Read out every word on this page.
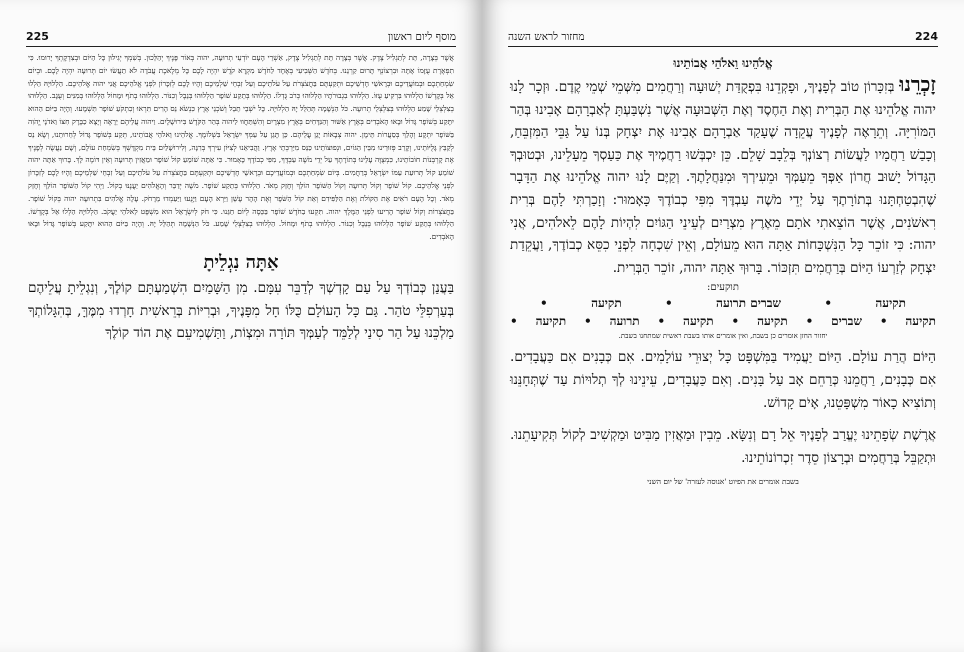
225	מוסף ליום ראשון

אֲשֶׁר בְּצָרָה, תֵּת לְתַגְלִיל צֶדֶק. אֲשֶׁר בְּצָרָה תֵּת לְתַגְלִיל צֶדֶק, אַשְׁרֵי הָעָם יוֹדְעֵי תְרוּעָה, יהוה בְּאוֹר פָּנֶיךָ יְהַלֵּכוּן. בְּשִׁמְךָ יְגִילוּן כָּל הַיּוֹם וּבְצִדְקָתְךָ יָרוּמוּ. כִּי תִפְאֶרֶת עֻזָּמוֹ אָתָּה וּבִרְצוֹנְךָ תָּרוּם קַרְנֵנוּ. בְּחֹדֶשׁ הַשְּׁבִיעִי בְּאֶחָד לַחֹדֶשׁ מִקְרָא קֹדֶשׁ יִהְיֶה לָכֶם כָּל מְלֶאכֶת עֲבֹדָה לֹא תַעֲשׂוּ יוֹם תְּרוּעָה יִהְיֶה לָכֶם. וּבְיוֹם שִׂמְחַתְכֶם וּבְמוֹעֲדֵיכֶם וּבְרָאשֵׁי חָדְשֵׁיכֶם וּתְקַעְתֶּם בַּחֲצֹצְרֹת עַל עֹלֹתֵיכֶם וְעַל זִבְחֵי שַׁלְמֵיכֶם וְהָיוּ לָכֶם לְזִכָּרוֹן לִפְנֵי אֱלֹהֵיכֶם אֲנִי יהוה אֱלֹהֵיכֶם. הַלְלוּיָהּ הַלְלוּ אֵל בְּקָדְשׁוֹ הַלְלוּהוּ בִּרְקִיעַ עֻזּוֹ. הַלְלוּהוּ בִגְבוּרֹתָיו הַלְלוּהוּ כְּרֹב גֻּדְלוֹ. הַלְלוּהוּ בְּתֵקַע שׁוֹפָר הַלְלוּהוּ בְּנֵבֶל וְכִנּוֹר. הַלְלוּהוּ בְתֹף וּמָחוֹל הַלְלוּהוּ בְּמִנִּים וְעֻגָב. הַלְלוּהוּ בְצִלְצְלֵי שָׁמַע הַלְלוּהוּ בְּצִלְצְלֵי תְרוּעָה. כֹּל הַנְּשָׁמָה תְּהַלֵּל יָהּ הַלְלוּיָהּ. כָּל יֹשְׁבֵי תֵבֵל וְשֹׁכְנֵי אָרֶץ כִּנְשֹׂא נֵס הָרִים תִּרְאוּ וְכִתְקֹעַ שׁוֹפָר תִּשְׁמָעוּ. וְהָיָה בַּיּוֹם הַהוּא יִתָּקַע בְּשׁוֹפָר גָּדוֹל וּבָאוּ הָאֹבְדִים בְּאֶרֶץ אַשּׁוּר וְהַנִּדָּחִים בְּאֶרֶץ מִצְרָיִם וְהִשְׁתַּחֲווּ לַיהוה בְּהַר הַקֹּדֶשׁ בִּירוּשָׁלָיִם. וַיהוה עֲלֵיהֶם יֵרָאֶה וְיָצָא כַבָּרָק חִצּוֹ וַאדֹנָי יֱהֹוִה בַּשּׁוֹפָר יִתְקָע וְהָלַךְ בְּסַעֲרוֹת תֵּימָן. יהוה צְבָאוֹת יָגֵן עֲלֵיהֶם. כֵּן תָּגֵן עַל עַמְּךָ יִשְׂרָאֵל בִּשְׁלוֹמֶךָ. אֱלֹהֵינוּ וֵאלֹהֵי אֲבוֹתֵינוּ, תְּקַע בְּשׁוֹפָר גָּדוֹל לְחֵרוּתֵנוּ, וְשָׂא נֵס לְקַבֵּץ גָּלֻיּוֹתֵינוּ, וְקָרֵב פְּזוּרֵינוּ מִבֵּין הַגּוֹיִם, וּנְפוּצוֹתֵינוּ כַּנֵּס מִיַּרְכְּתֵי אָרֶץ. וַהֲבִיאֵנוּ לְצִיּוֹן עִירְךָ בְּרִנָּה, וְלִירוּשָׁלַיִם בֵּית מִקְדָּשְׁךָ בְּשִׂמְחַת עוֹלָם, וְשָׁם נַעֲשֶׂה לְפָנֶיךָ אֶת קָרְבְּנוֹת חוֹבוֹתֵינוּ, כִּמְצֻוֶּה עָלֵינוּ בְּתוֹרָתֶךָ עַל יְדֵי מֹשֶׁה עַבְדֶּךָ, מִפִּי כְבוֹדֶךָ כָּאָמוּר. כִּי אַתָּה שׁוֹמֵעַ קוֹל שׁוֹפָר וּמַאֲזִין תְּרוּעָה וְאֵין דּוֹמֶה לָּךְ. בָּרוּךְ אַתָּה יהוה שׁוֹמֵעַ קוֹל תְּרוּעַת עַמּוֹ יִשְׂרָאֵל בְּרַחֲמִים. בְּיוֹם שִׂמְחַתְכֶם וּבְמוֹעֲדֵיכֶם וּבְרָאשֵׁי חָדְשֵׁיכֶם וּתְקַעְתֶּם בַּחֲצֹצְרֹת עַל עֹלֹתֵיכֶם וְעַל זִבְחֵי שַׁלְמֵיכֶם וְהָיוּ לָכֶם לְזִכָּרוֹן לִפְנֵי אֱלֹהֵיכֶם. קוֹל שׁוֹפָר וְקוֹל תְּרוּעָה וְקוֹל הַשּׁוֹפָר הוֹלֵךְ וְחָזֵק מְאֹד. הַלְלוּהוּ בְּתֵקַע שׁוֹפָר. מֹשֶׁה יְדַבֵּר וְהָאֱלֹהִים יַעֲנֶנּוּ בְקוֹל. וַיְהִי קוֹל הַשּׁוֹפָר הוֹלֵךְ וְחָזֵק מְאֹד. וְכָל הָעָם רֹאִים אֶת הַקּוֹלֹת וְאֶת הַלַּפִּידִם וְאֵת קוֹל הַשֹּׁפָר וְאֶת הָהָר עָשֵׁן וַיַּרְא הָעָם וַיָּנֻעוּ וַיַּעַמְדוּ מֵרָחֹק. עָלָה אֱלֹהִים בִּתְרוּעָה יהוה בְּקוֹל שׁוֹפָר. בַּחֲצֹצְרוֹת וְקוֹל שׁוֹפָר הָרִיעוּ לִפְנֵי הַמֶּלֶךְ יהוה. תִּקְעוּ בַחֹדֶשׁ שׁוֹפָר בַּכֵּסֶה לְיוֹם חַגֵּנוּ. כִּי חֹק לְיִשְׂרָאֵל הוּא מִשְׁפָּט לֵאלֹהֵי יַעֲקֹב. הַלְלוּיָהּ הַלְלוּ אֵל בְּקָדְשׁוֹ. הַלְלוּהוּ בְּתֵקַע שׁוֹפָר הַלְלוּהוּ בְּנֵבֶל וְכִנּוֹר. הַלְלוּהוּ בְתֹף וּמָחוֹל. הַלְלוּהוּ בְצִלְצְלֵי שָׁמַע. כֹּל הַנְּשָׁמָה תְּהַלֵּל יָהּ. וְהָיָה בַּיּוֹם הַהוּא יִתָּקַע בְּשׁוֹפָר גָּדוֹל וּבָאוּ הָאֹבְדִים.

אַתָּה נִגְלֵיתָ

בַּעֲנַן כְּבוֹדְךָ עַל עַם קָדְשְׁךָ לְדַבֵּר עִמָּם. מִן הַשָּׁמַיִם הִשְׁמַעְתָּם קוֹלֶךָ, וְנִגְלֵיתָ עֲלֵיהֶם בְּעַרְפִלֵּי טֹהַר. גַּם כָּל הָעוֹלָם כֻּלּוֹ חָל מִפָּנֶיךָ, וּבְרִיּוֹת בְּרֵאשִׁית חָרְדוּ מִמֶּךָּ, בְּהִגָּלוֹתְךָ מַלְכֵּנוּ עַל הַר סִינַי לְלַמֵּד לְעַמְּךָ תּוֹרָה וּמִצְוֹת, וַתַּשְׁמִיעֵם אֶת הוֹד קוֹלֶךָ

מחזור לראש השנה	224
אֱלֹהֵינוּ וֵאלֹהֵי אֲבוֹתֵינוּ

זָכְרֵנוּ בְּזִכָּרוֹן טוֹב לְפָנֶיךָ, וּפָקְדֵנוּ בִּפְקֻדַּת יְשׁוּעָה וְרַחֲמִים מִשְּׁמֵי שְׁמֵי קֶדֶם. וּזְכָר לָנוּ יהוה אֱלֹהֵינוּ אֶת הַבְּרִית וְאֶת הַחֶסֶד וְאֶת הַשְּׁבוּעָה אֲשֶׁר נִשְׁבַּעְתָּ לְאַבְרָהָם אָבִינוּ בְּהַר הַמּוֹרִיָּה. וְתֵרָאֶה לְפָנֶיךָ עֲקֵדָה שֶׁעָקַד אַבְרָהָם אָבִינוּ אֶת יִצְחָק בְּנוֹ עַל גַּבֵּי הַמִּזְבֵּחַ, וְכָבַשׁ רַחֲמָיו לַעֲשׂוֹת רְצוֹנְךָ בְּלֵבָב שָׁלֵם. כֵּן יִכְבְּשׁוּ רַחֲמֶיךָ אֶת כַּעַסְךָ מֵעָלֵינוּ, וּבְטוּבְךָ הַגָּדוֹל יָשׁוּב חֲרוֹן אַפְּךָ מֵעַמְּךָ וּמֵעִירְךָ וּמִנַּחֲלָתֶךָ. וְקַיֶּם לָנוּ יהוה אֱלֹהֵינוּ אֶת הַדָּבָר שֶׁהִבְטַחְתָּנוּ בְּתוֹרָתֶךָ עַל יְדֵי מֹשֶׁה עַבְדֶּךָ מִפִּי כְבוֹדֶךָ כָּאָמוּר: וְזָכַרְתִּי לָהֶם בְּרִית רִאשֹׁנִים, אֲשֶׁר הוֹצֵאתִי אֹתָם מֵאֶרֶץ מִצְרַיִם לְעֵינֵי הַגּוֹיִם לִהְיוֹת לָהֶם לֵאלֹהִים, אֲנִי יהוה: כִּי זוֹכֵר כָּל הַנִּשְׁכָּחוֹת אַתָּה הוּא מֵעוֹלָם, וְאֵין שִׁכְחָה לִפְנֵי כִסֵּא כְבוֹדֶךָ, וַעֲקֵדַת יִצְחָק לְזַרְעוֹ הַיּוֹם בְּרַחֲמִים תִּזְכּוֹר. בָּרוּךְ אַתָּה יהוה, זוֹכֵר הַבְּרִית.

תוקעים:
תקיעה
•
שברים תרועה
•
תקיעה
•
תקיעה
•
שברים
•
תקיעה
•
תקיעה
•
תרועה
•
תקיעה
•
יחזור החזן אומרים כן בשבת, ואין אומרים אותו בשבת ראשית שמתחנו בשבת.

הַיּוֹם הֲרַת עוֹלָם. הַיּוֹם יַעֲמִיד בַּמִּשְׁפָּט כָּל יְצוּרֵי עוֹלָמִים. אִם כְּבָנִים אִם כַּעֲבָדִים. אִם כְּבָנִים, רַחֲמֵנוּ כְּרַחֵם אָב עַל בָּנִים. וְאִם כַּעֲבָדִים, עֵינֵינוּ לְךָ תְלוּיוֹת עַד שֶׁתְּחָנֵּנוּ וְתוֹצִיא כָאוֹר מִשְׁפָּטֵנוּ, אָיֹם קָדוֹשׁ.

אֲרֶשֶׁת שְׂפָתֵינוּ יֶעֱרַב לְפָנֶיךָ אֵל רָם וְנִשָּׂא. מֵבִין וּמַאֲזִין מַבִּיט וּמַקְשִׁיב לְקוֹל תְּקִיעָתֵנוּ. וּתְקַבֵּל בְּרַחֲמִים וּבְרָצוֹן סֵדֶר זִכְרוֹנוֹתֵינוּ.

בשבת אומרים את הפיוט 'אנוסה לעזרה' של יום השני
